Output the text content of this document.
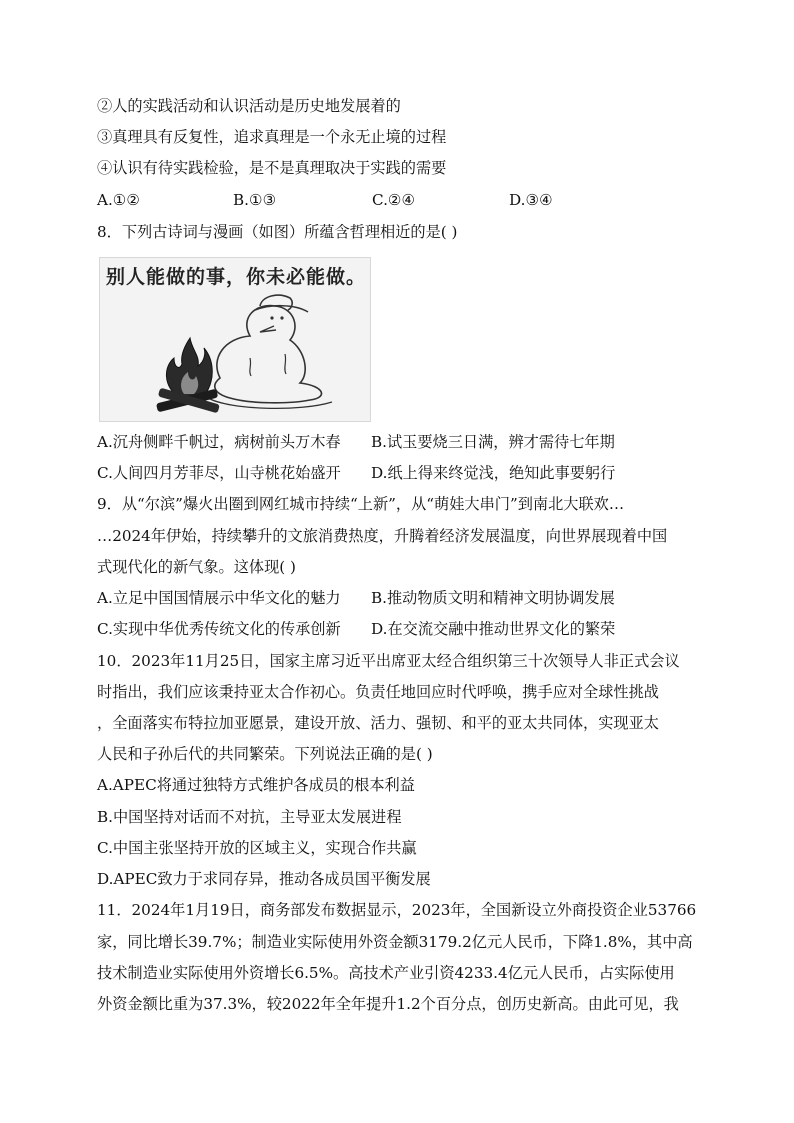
②人的实践活动和认识活动是历史地发展着的
③真理具有反复性，追求真理是一个永无止境的过程
④认识有待实践检验，是不是真理取决于实践的需要
A.①②	B.①③	C.②④	D.③④
8．下列古诗词与漫画（如图）所蕴含哲理相近的是( )
别人能做的事，你未必能做。
A.沉舟侧畔千帆过，病树前头万木春 B.试玉要烧三日满，辨才需待七年期
C.人间四月芳菲尽，山寺桃花始盛开 D.纸上得来终觉浅，绝知此事要躬行
9．从“尔滨”爆火出圈到网红城市持续“上新”，从“萌娃大串门”到南北大联欢…
…2024年伊始，持续攀升的文旅消费热度，升腾着经济发展温度，向世界展现着中国
式现代化的新气象。这体现( )
A.立足中国国情展示中华文化的魅力 B.推动物质文明和精神文明协调发展
C.实现中华优秀传统文化的传承创新 D.在交流交融中推动世界文化的繁荣
10．2023年11月25日，国家主席习近平出席亚太经合组织第三十次领导人非正式会议
时指出，我们应该秉持亚太合作初心。负责任地回应时代呼唤，携手应对全球性挑战
，全面落实布特拉加亚愿景，建设开放、活力、强韧、和平的亚太共同体，实现亚太
人民和子孙后代的共同繁荣。下列说法正确的是( )
A.APEC将通过独特方式维护各成员的根本利益
B.中国坚持对话而不对抗，主导亚太发展进程
C.中国主张坚持开放的区域主义，实现合作共赢
D.APEC致力于求同存异，推动各成员国平衡发展
11．2024年1月19日，商务部发布数据显示，2023年，全国新设立外商投资企业53766
家，同比增长39.7%；制造业实际使用外资金额3179.2亿元人民币，下降1.8%，其中高
技术制造业实际使用外资增长6.5%。高技术产业引资4233.4亿元人民币，占实际使用
外资金额比重为37.3%，较2022年全年提升1.2个百分点，创历史新高。由此可见，我
